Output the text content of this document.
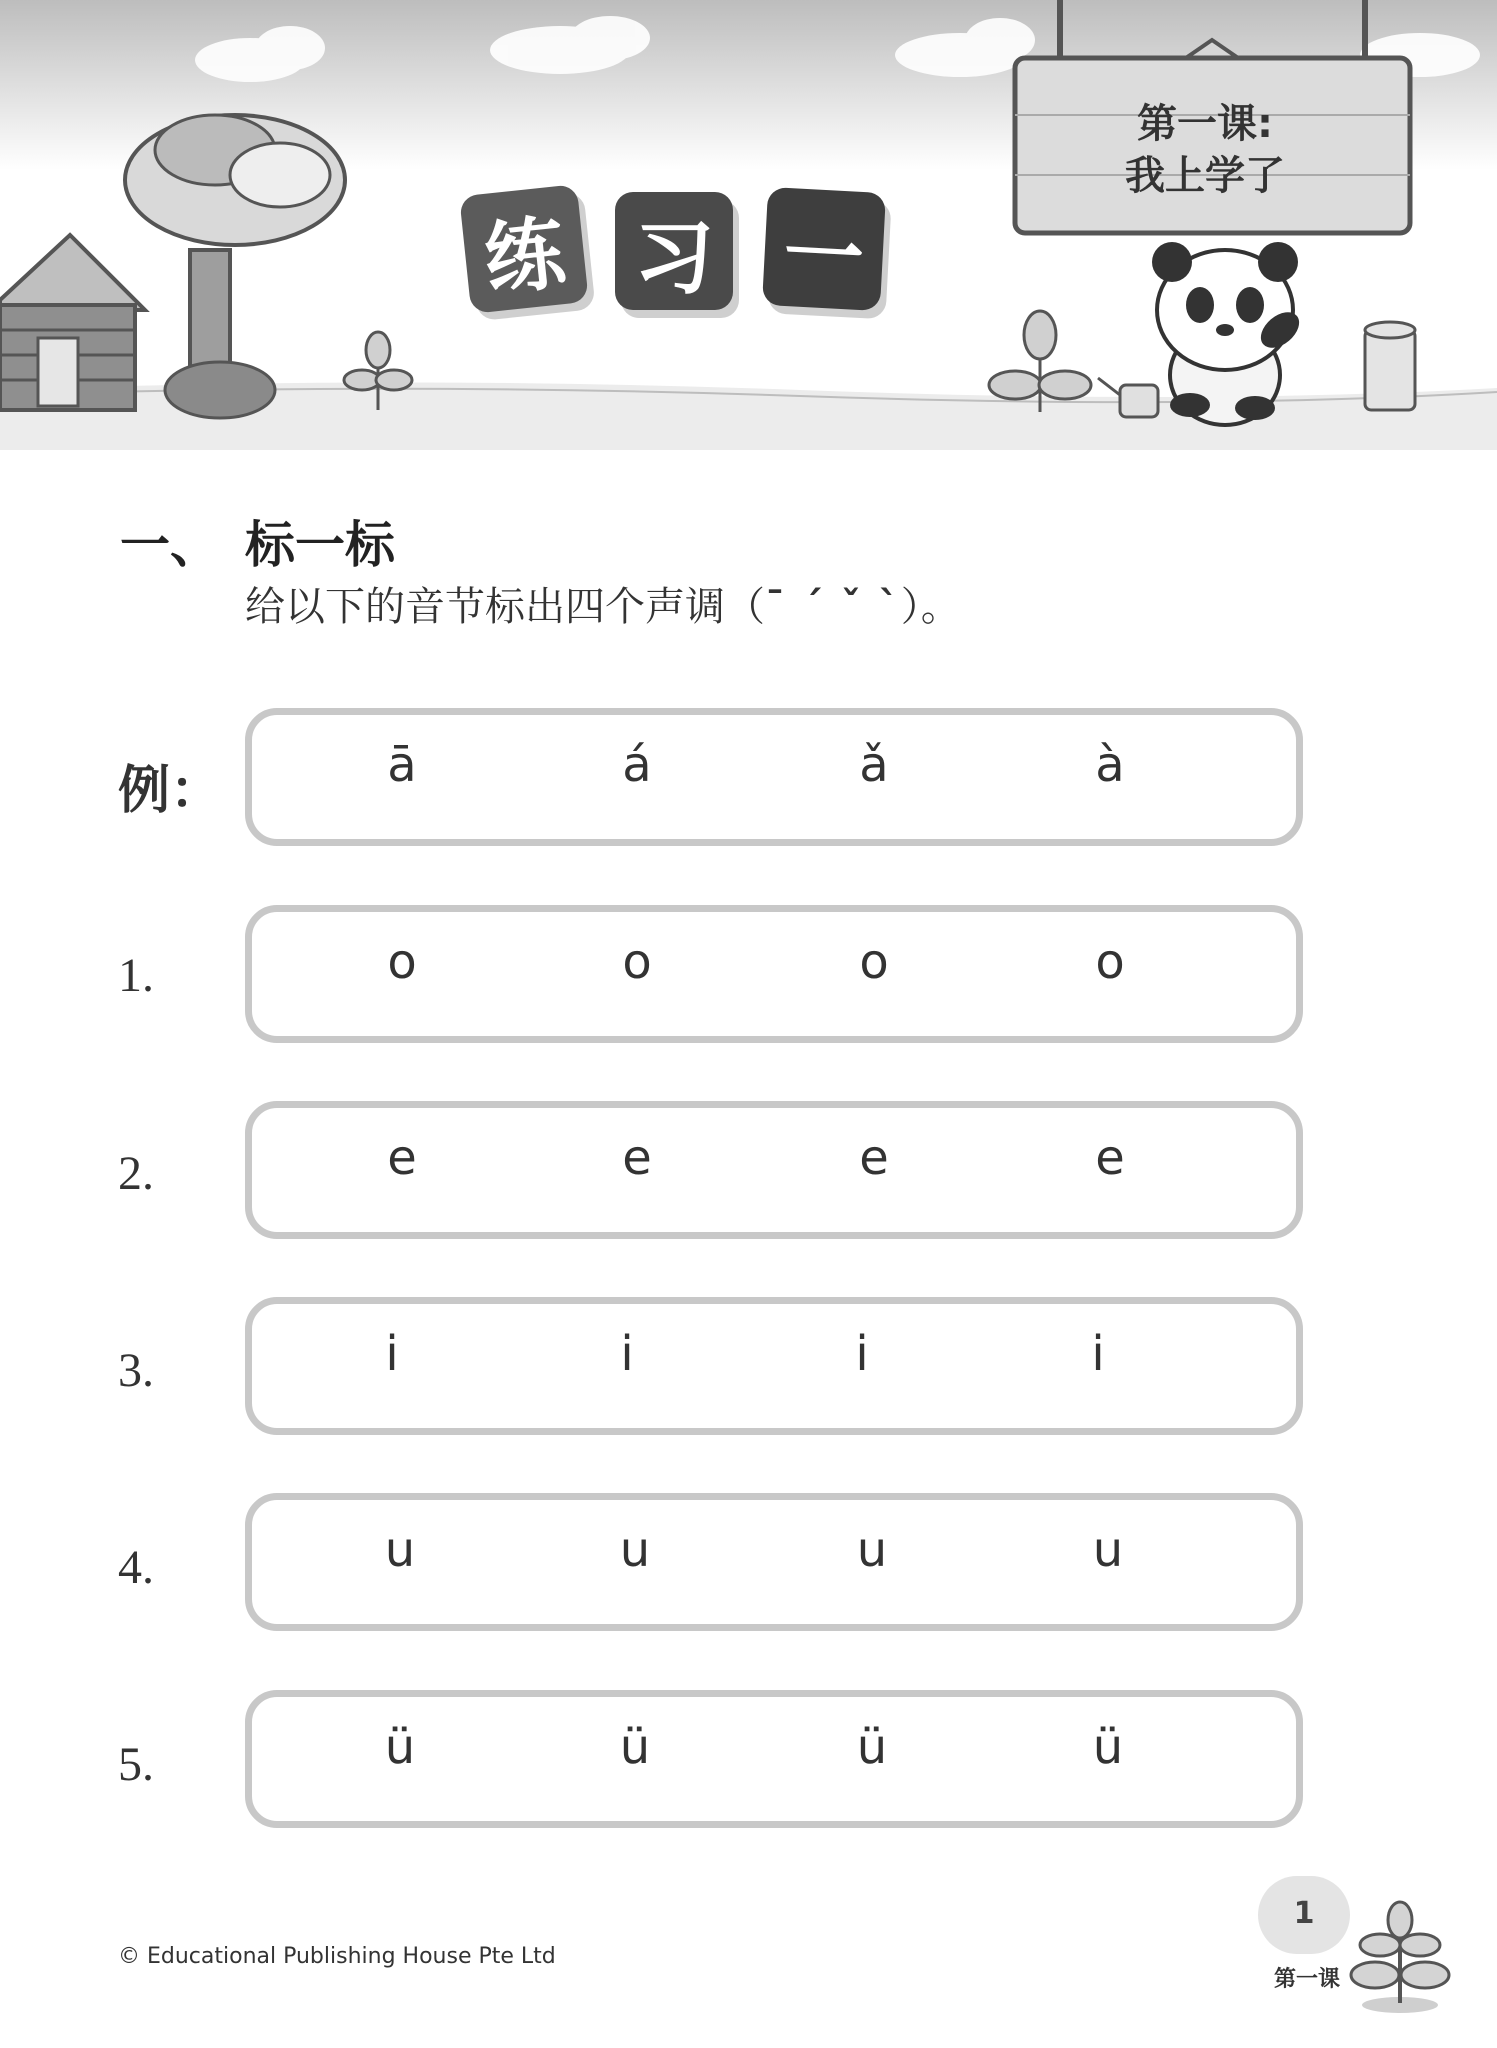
练 习 一
第一课:
我上学了
一、 标一标
给以下的音节标出四个声调（ˉ ˊ ˇ ˋ）。
例：	ā	á	ǎ	à
1.	o	o	o	o
2.	e	e	e	e
3.	i	i	i	i
4.	u	u	u	u
5.	ü	ü	ü	ü
© Educational Publishing House Pte Ltd
1
第一课
